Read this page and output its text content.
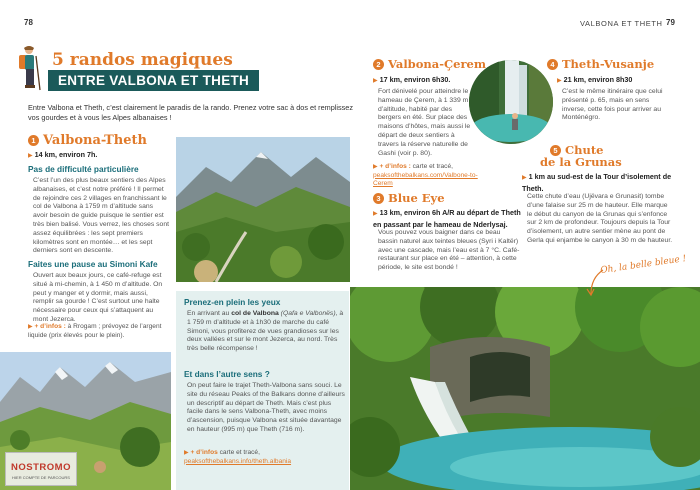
78	VALBONA ET THETH 79
5 randos magiques
ENTRE VALBONA ET THETH
Entre Valbona et Theth, c’est clairement le paradis de la rando. Prenez votre sac à dos et remplissez vos gourdes et à vous les Alpes albanaises !
1 Valbona-Theth
▶ 14 km, environ 7h.
Pas de difficulté particulière
C’est l’un des plus beaux sentiers des Alpes albanaises, et c’est notre préféré ! Il permet de rejoindre ces 2 villages en franchissant le col de Valbona à 1759 m d’altitude sans avoir besoin de guide puisque le sentier est très bien balisé. Vous verrez, les choses sont assez équilibrées : les sept premiers kilomètres sont en montée… et les sept derniers sont en descente.
Faites une pause au Simoni Kafe
Ouvert aux beaux jours, ce café-refuge est situé à mi-chemin, à 1 450 m d’altitude. On peut y manger et y dormir, mais aussi, remplir sa gourde ! C’est surtout une halte nécessaire pour ceux qui s’attaquent au mont Jezerca.
▶ + d’infos : à Rrogam ; prévoyez de l’argent liquide (prix élevés pour le plein).
Prenez-en plein les yeux
En arrivant au col de Valbona (Qafa e Valbonës), à 1 759 m d’altitude et à 1h30 de marche du café Simoni, vous profiterez de vues grandioses sur les deux vallées et sur le mont Jezerca, au nord. Très très belle récompense !
Et dans l’autre sens ?
On peut faire le trajet Theth-Valbona sans souci. Le site du réseau Peaks of the Balkans donne d’ailleurs un descriptif au départ de Theth. Mais c’est plus facile dans le sens Valbona-Theth, avec moins d’ascension, puisque Valbona est située davantage en hauteur (995 m) que Theth (716 m).
▶ + d’infos carte et tracé,
peaksofthebalkans.info/theth.albania
2 Valbona-Çerem
▶ 17 km, environ 6h30.
Fort dénivelé pour atteindre le hameau de Çerem, à 1 339 m d’altitude, habité par des bergers en été. Sur place des maisons d’hôtes, mais aussi le départ de deux sentiers à travers la réserve naturelle de Gashi (voir p. 80).
▶ + d’infos : carte et tracé,
peaksofthebalkans.com/Valbone-to-Cerem
3 Blue Eye
▶ 13 km, environ 6h A/R au départ de Theth en passant par le hameau de Nderlysaj.
Vous pouvez vous baigner dans ce beau bassin naturel aux teintes bleues (Syri i Kaltër) avec une cascade, mais l’eau est à 7 °C. Café-restaurant sur place en été – attention, à cette période, le site est bondé !
4 Theth-Vusanje
▶ 21 km, environ 8h30
C’est le même itinéraire que celui présenté p. 65, mais en sens inverse, cette fois pour arriver au Monténégro.
5 Chute
de la Grunas
▶ 1 km au sud-est de la Tour d’isolement de Theth.
Cette chute d’eau (Ujëvara e Grunasit) tombe d’une falaise sur 25 m de hauteur. Elle marque le début du canyon de la Grunas qui s’enfonce sur 2 km de profondeur. Toujours depuis la Tour d’isolement, un autre sentier mène au pont de Gerla qui enjambe le canyon à 30 m de hauteur.
Oh, la belle bleue !
NOSTROMO
HIER COMPTE DE PARCOURS
